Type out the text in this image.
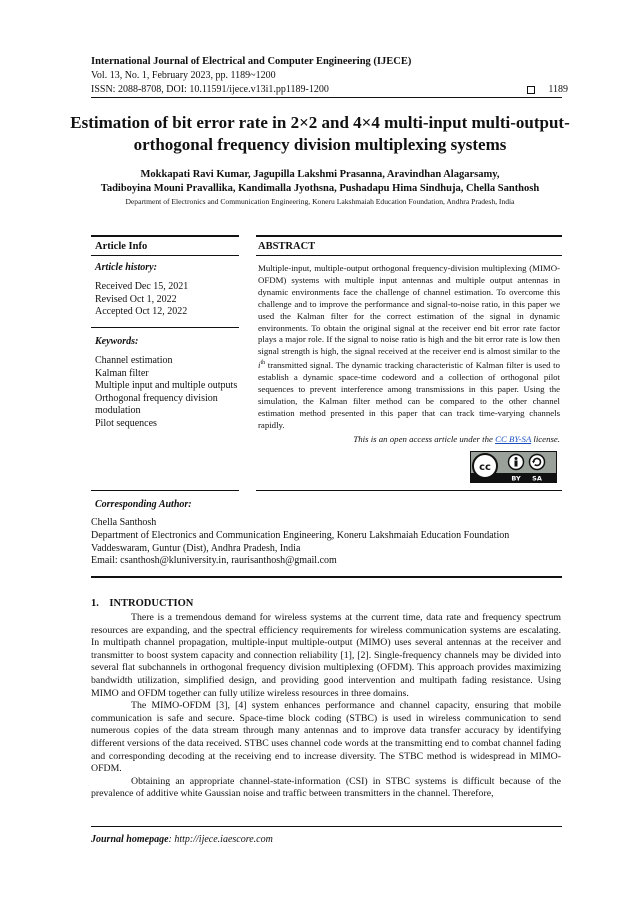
International Journal of Electrical and Computer Engineering (IJECE)
Vol. 13, No. 1, February 2023, pp. 1189~1200
ISSN: 2088-8708, DOI: 10.11591/ijece.v13i1.pp1189-1200	1189
Estimation of bit error rate in 2×2 and 4×4 multi-input multi-output-orthogonal frequency division multiplexing systems
Mokkapati Ravi Kumar, Jagupilla Lakshmi Prasanna, Aravindhan Alagarsamy,
Tadiboyina Mouni Pravallika, Kandimalla Jyothsna, Pushadapu Hima Sindhuja, Chella Santhosh
Department of Electronics and Communication Engineering, Koneru Lakshmaiah Education Foundation, Andhra Pradesh, India
Article Info
Article history:
Received Dec 15, 2021
Revised Oct 1, 2022
Accepted Oct 12, 2022
Keywords:
Channel estimation
Kalman filter
Multiple input and multiple outputs
Orthogonal frequency division modulation
Pilot sequences
ABSTRACT
Multiple-input, multiple-output orthogonal frequency-division multiplexing (MIMO-OFDM) systems with multiple input antennas and multiple output antennas in dynamic environments face the challenge of channel estimation. To overcome this challenge and to improve the performance and signal-to-noise ratio, in this paper we used the Kalman filter for the correct estimation of the signal in dynamic environments. To obtain the original signal at the receiver end bit error rate factor plays a major role. If the signal to noise ratio is high and the bit error rate is low then signal strength is high, the signal received at the receiver end is almost similar to the $i^{th}$ transmitted signal. The dynamic tracking characteristic of Kalman filter is used to establish a dynamic space-time codeword and a collection of orthogonal pilot sequences to prevent interference among transmissions in this paper. Using the simulation, the Kalman filter method can be compared to the other channel estimation method presented in this paper that can track time-varying channels rapidly.
This is an open access article under the CC BY-SA license.
cc
BY SA
Corresponding Author:
Chella Santhosh
Department of Electronics and Communication Engineering, Koneru Lakshmaiah Education Foundation
Vaddeswaram, Guntur (Dist), Andhra Pradesh, India
Email: csanthosh@kluniversity.in, raurisanthosh@gmail.com
1.    INTRODUCTION

There is a tremendous demand for wireless systems at the current time, data rate and frequency spectrum resources are expanding, and the spectral efficiency requirements for wireless communication systems are escalating. In multipath channel propagation, multiple-input multiple-output (MIMO) uses several antennas at the receiver and transmitter to boost system capacity and connection reliability [1], [2]. Single-frequency channels may be divided into several flat subchannels in orthogonal frequency division multiplexing (OFDM). This approach provides maximizing bandwidth utilization, simplified design, and providing good intervention and multipath fading resistance. Using MIMO and OFDM together can fully utilize wireless resources in three domains.

The MIMO-OFDM [3], [4] system enhances performance and channel capacity, ensuring that mobile communication is safe and secure. Space-time block coding (STBC) is used in wireless communication to send numerous copies of the data stream through many antennas and to improve data transfer accuracy by identifying different versions of the data received. STBC uses channel code words at the transmitting end to combat channel fading and corresponding decoding at the receiving end to increase diversity. The STBC method is widespread in MIMO-OFDM.

Obtaining an appropriate channel-state-information (CSI) in STBC systems is difficult because of the prevalence of additive white Gaussian noise and traffic between transmitters in the channel. Therefore,

Journal homepage: http://ijece.iaescore.com
